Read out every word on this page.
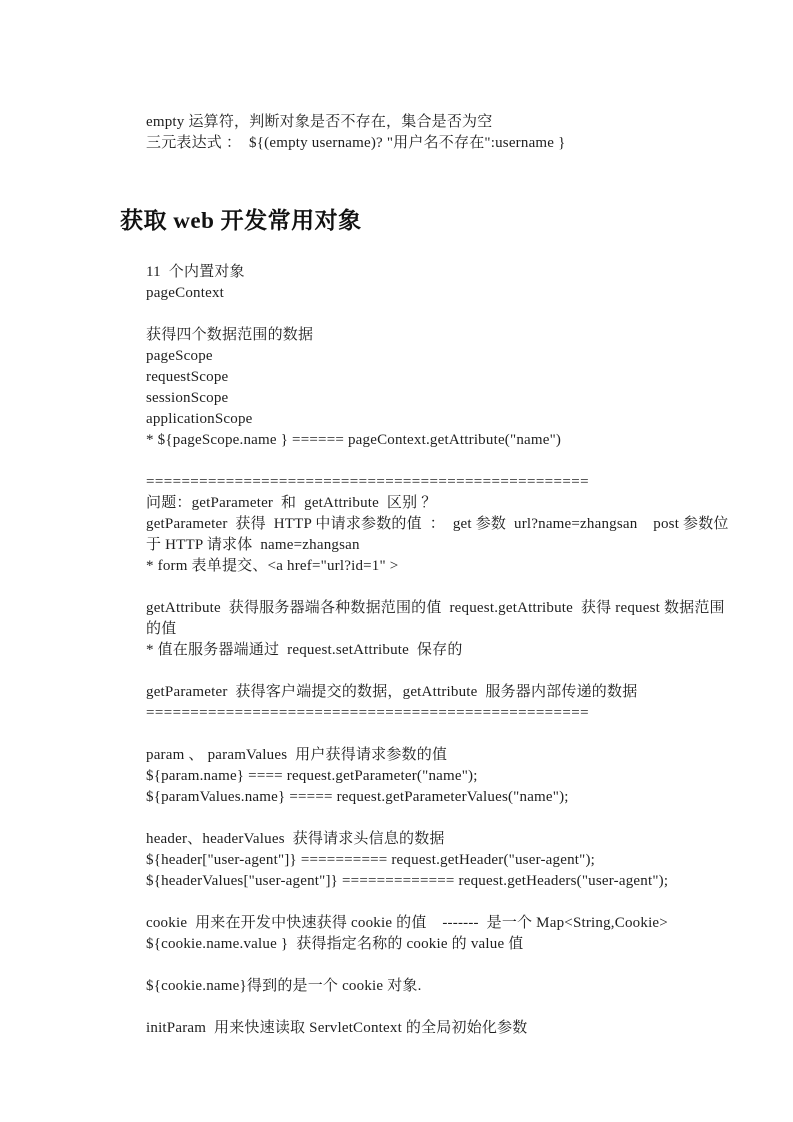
empty 运算符，判断对象是否不存在，集合是否为空
三元表达式 ：  ${(empty username)? "用户名不存在":username }
获取 web 开发常用对象
11  个内置对象
pageContext
获得四个数据范围的数据
pageScope
requestScope
sessionScope
applicationScope
* ${pageScope.name } ====== pageContext.getAttribute("name")
==================================================
问题：getParameter  和  getAttribute  区别 ？
getParameter  获得  HTTP 中请求参数的值  ：  get 参数  url?name=zhangsan    post 参数位
于 HTTP 请求体  name=zhangsan
* form 表单提交、<a href="url?id=1" >
getAttribute  获得服务器端各种数据范围的值  request.getAttribute  获得 request 数据范围
的值
* 值在服务器端通过  request.setAttribute  保存的
getParameter  获得客户端提交的数据，getAttribute  服务器内部传递的数据
==================================================
param 、 paramValues  用户获得请求参数的值
${param.name} ==== request.getParameter("name");
${paramValues.name} ===== request.getParameterValues("name");
header、headerValues  获得请求头信息的数据
${header["user-agent"]} ========== request.getHeader("user-agent");
${headerValues["user-agent"]} ============= request.getHeaders("user-agent");
cookie  用来在开发中快速获得 cookie 的值    -------  是一个 Map<String,Cookie>
${cookie.name.value }  获得指定名称的 cookie 的 value 值
${cookie.name}得到的是一个 cookie 对象.
initParam  用来快速读取 ServletContext 的全局初始化参数
